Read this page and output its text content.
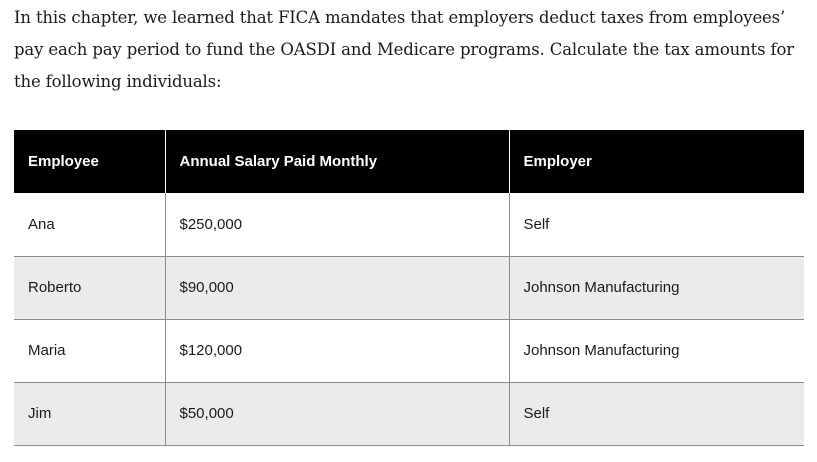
In this chapter, we learned that FICA mandates that employers deduct taxes from employees’ pay each pay period to fund the OASDI and Medicare programs. Calculate the tax amounts for the following individuals:

Employee	Annual Salary Paid Monthly	Employer
Ana	$250,000	Self
Roberto	$90,000	Johnson Manufacturing
Maria	$120,000	Johnson Manufacturing
Jim	$50,000	Self
